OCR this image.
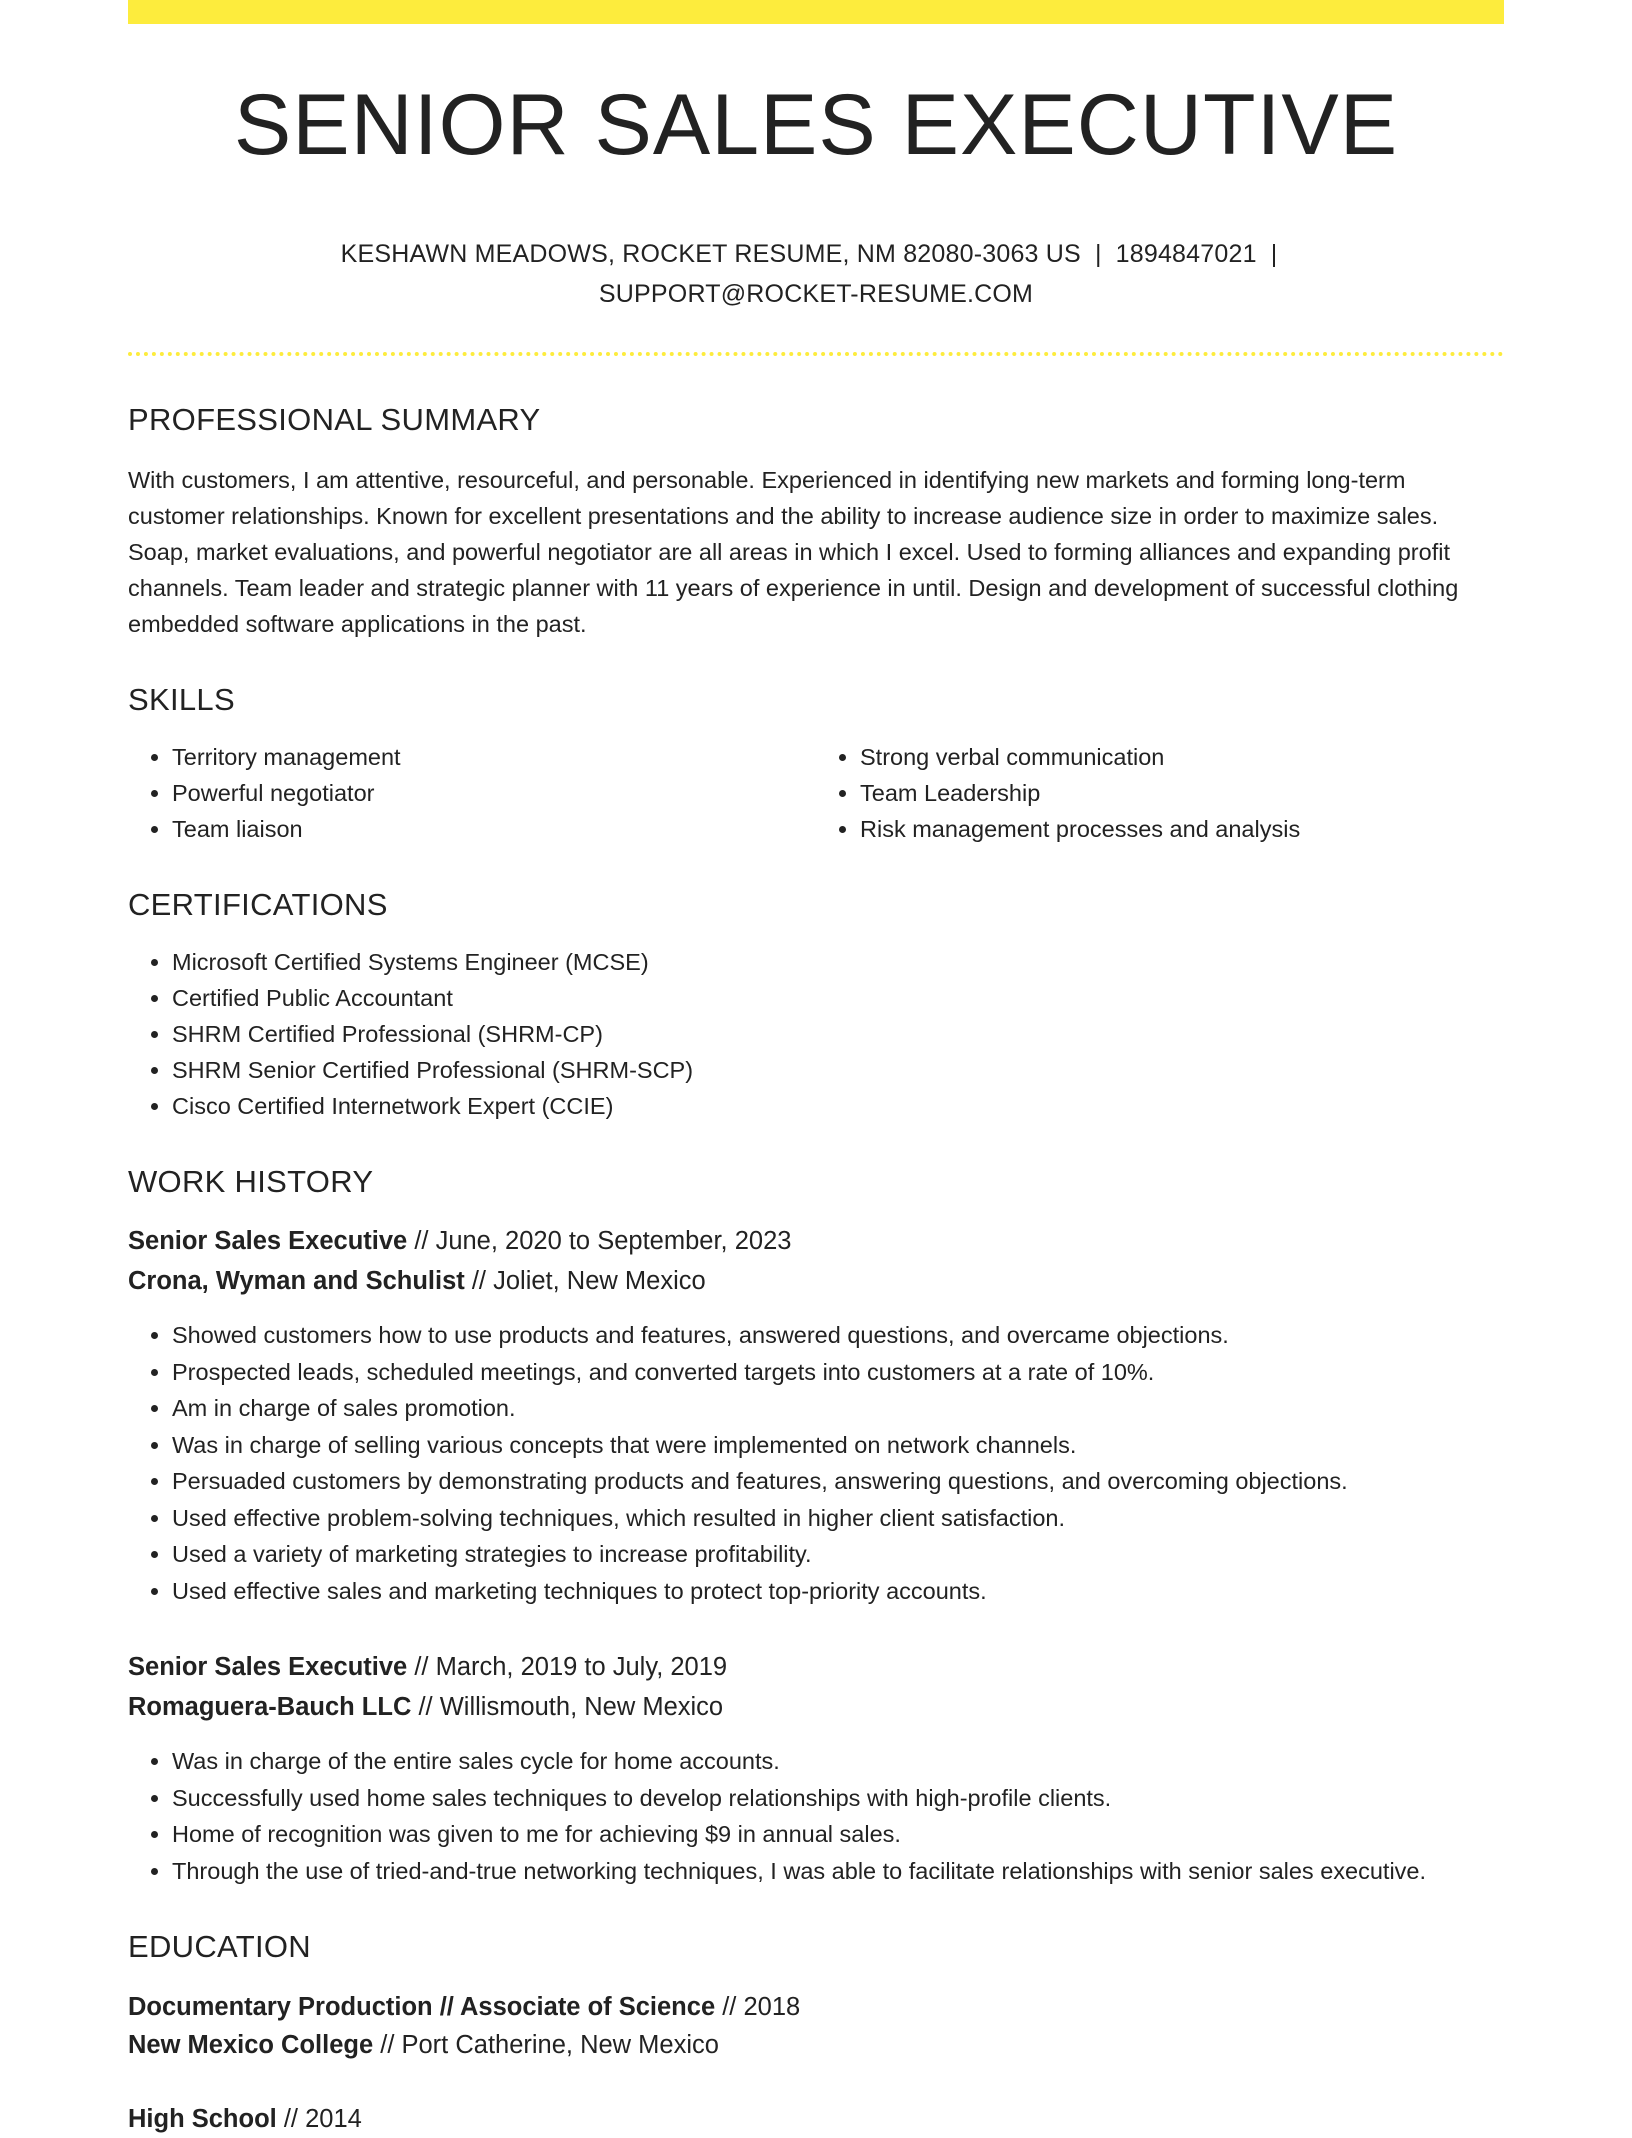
SENIOR SALES EXECUTIVE
KESHAWN MEADOWS, ROCKET RESUME, NM 82080-3063 US | 1894847021 |
SUPPORT@ROCKET-RESUME.COM
PROFESSIONAL SUMMARY
With customers, I am attentive, resourceful, and personable. Experienced in identifying new markets and forming long-term customer relationships. Known for excellent presentations and the ability to increase audience size in order to maximize sales. Soap, market evaluations, and powerful negotiator are all areas in which I excel. Used to forming alliances and expanding profit channels. Team leader and strategic planner with 11 years of experience in until. Design and development of successful clothing embedded software applications in the past.
SKILLS
• Territory management
• Powerful negotiator
• Team liaison
• Strong verbal communication
• Team Leadership
• Risk management processes and analysis
CERTIFICATIONS
• Microsoft Certified Systems Engineer (MCSE)
• Certified Public Accountant
• SHRM Certified Professional (SHRM-CP)
• SHRM Senior Certified Professional (SHRM-SCP)
• Cisco Certified Internetwork Expert (CCIE)
WORK HISTORY
Senior Sales Executive // June, 2020 to September, 2023
Crona, Wyman and Schulist // Joliet, New Mexico
• Showed customers how to use products and features, answered questions, and overcame objections.
• Prospected leads, scheduled meetings, and converted targets into customers at a rate of 10%.
• Am in charge of sales promotion.
• Was in charge of selling various concepts that were implemented on network channels.
• Persuaded customers by demonstrating products and features, answering questions, and overcoming objections.
• Used effective problem-solving techniques, which resulted in higher client satisfaction.
• Used a variety of marketing strategies to increase profitability.
• Used effective sales and marketing techniques to protect top-priority accounts.
Senior Sales Executive // March, 2019 to July, 2019
Romaguera-Bauch LLC // Willismouth, New Mexico
• Was in charge of the entire sales cycle for home accounts.
• Successfully used home sales techniques to develop relationships with high-profile clients.
• Home of recognition was given to me for achieving $9 in annual sales.
• Through the use of tried-and-true networking techniques, I was able to facilitate relationships with senior sales executive.
EDUCATION
Documentary Production // Associate of Science // 2018
New Mexico College // Port Catherine, New Mexico
High School // 2014
